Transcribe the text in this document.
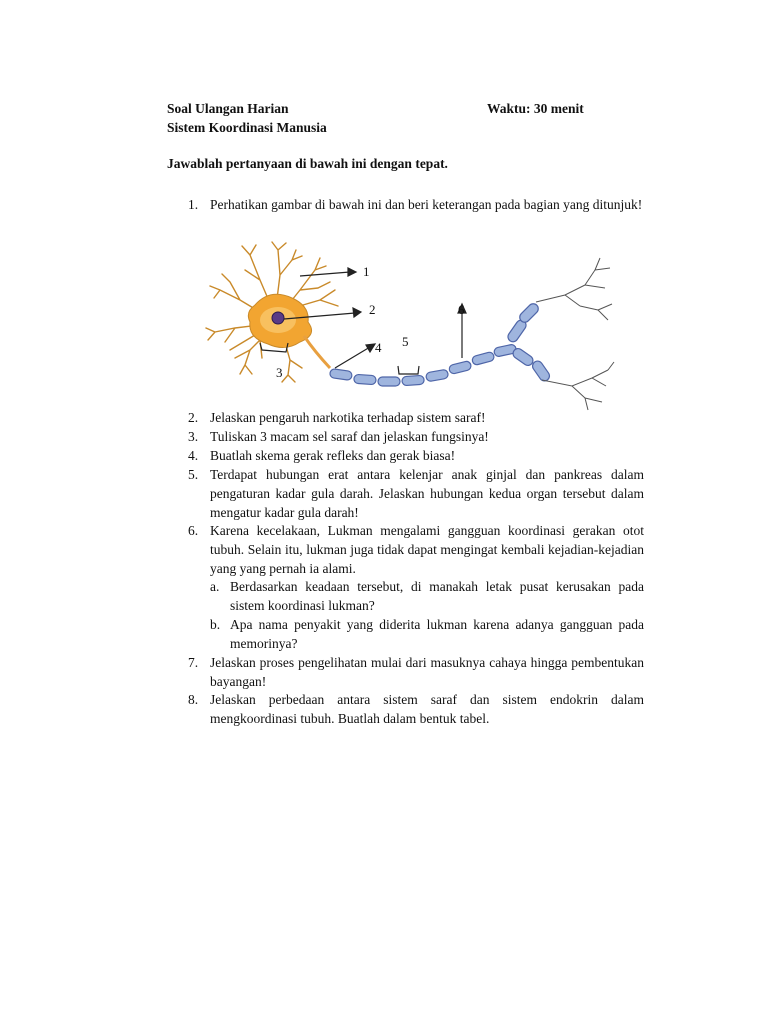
Soal Ulangan Harian
Sistem Koordinasi Manusia
Waktu: 30 menit
Jawablah pertanyaan di bawah ini dengan tepat.
1. Perhatikan gambar di bawah ini dan beri keterangan pada bagian yang ditunjuk!
1
2
3
4 5
6
2. Jelaskan pengaruh narkotika terhadap sistem saraf!
3. Tuliskan 3 macam sel saraf dan jelaskan fungsinya!
4. Buatlah skema gerak refleks dan gerak biasa!
5. Terdapat hubungan erat antara kelenjar anak ginjal dan pankreas dalam pengaturan kadar gula darah. Jelaskan hubungan kedua organ tersebut dalam mengatur kadar gula darah!
6. Karena kecelakaan, Lukman mengalami gangguan koordinasi gerakan otot tubuh. Selain itu, lukman juga tidak dapat mengingat kembali kejadian-kejadian yang yang pernah ia alami.
a. Berdasarkan keadaan tersebut, di manakah letak pusat kerusakan pada sistem koordinasi lukman?
b. Apa nama penyakit yang diderita lukman karena adanya gangguan pada memorinya?
7. Jelaskan proses pengelihatan mulai dari masuknya cahaya hingga pembentukan bayangan!
8. Jelaskan perbedaan antara sistem saraf dan sistem endokrin dalam mengkoordinasi tubuh. Buatlah dalam bentuk tabel.
